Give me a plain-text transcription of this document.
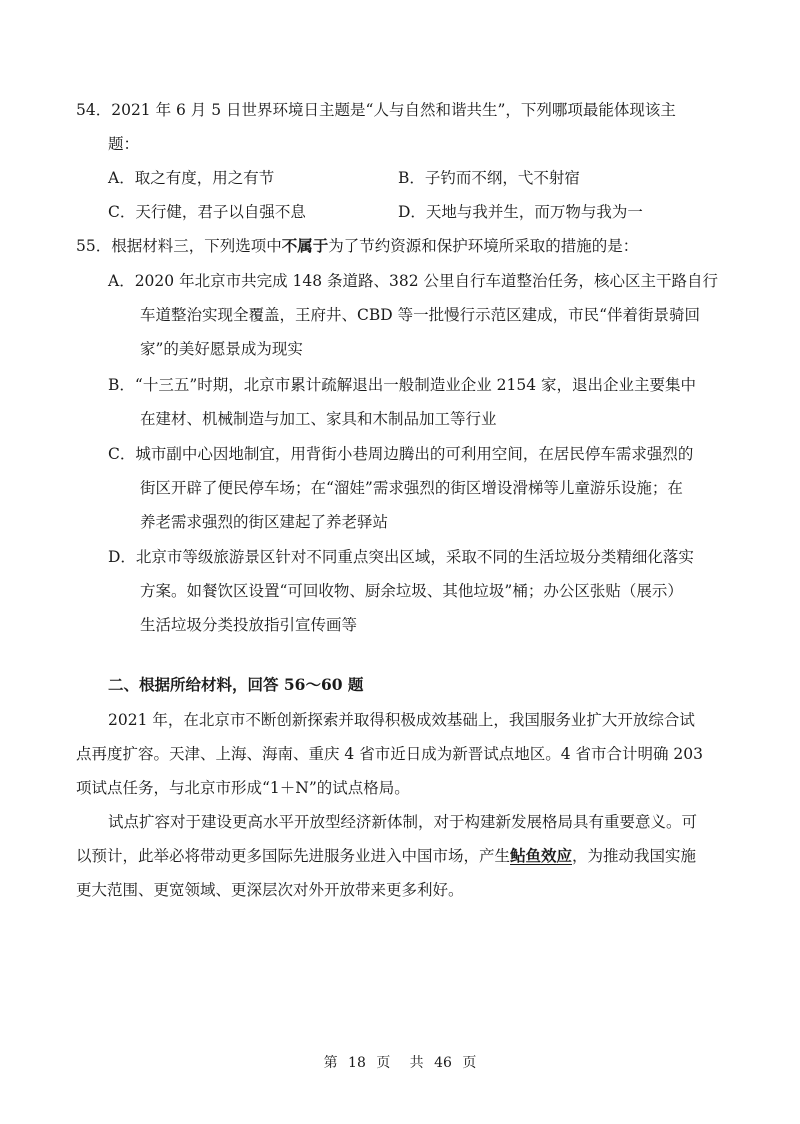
54．2021 年 6 月 5 日世界环境日主题是“人与自然和谐共生”，下列哪项最能体现该主
题：
A．取之有度，用之有节	B．子钓而不纲，弋不射宿
C．天行健，君子以自强不息	D．天地与我并生，而万物与我为一
55．根据材料三，下列选项中不属于为了节约资源和保护环境所采取的措施的是：
A．2020 年北京市共完成 148 条道路、382 公里自行车道整治任务，核心区主干路自行
车道整治实现全覆盖，王府井、CBD 等一批慢行示范区建成，市民“伴着街景骑回
家”的美好愿景成为现实
B．“十三五”时期，北京市累计疏解退出一般制造业企业 2154 家，退出企业主要集中
在建材、机械制造与加工、家具和木制品加工等行业
C．城市副中心因地制宜，用背街小巷周边腾出的可利用空间，在居民停车需求强烈的
街区开辟了便民停车场；在“溜娃”需求强烈的街区增设滑梯等儿童游乐设施；在
养老需求强烈的街区建起了养老驿站
D．北京市等级旅游景区针对不同重点突出区域，采取不同的生活垃圾分类精细化落实
方案。如餐饮区设置“可回收物、厨余垃圾、其他垃圾”桶；办公区张贴（展示）
生活垃圾分类投放指引宣传画等
二、根据所给材料，回答 56～60 题
2021 年，在北京市不断创新探索并取得积极成效基础上，我国服务业扩大开放综合试
点再度扩容。天津、上海、海南、重庆 4 省市近日成为新晋试点地区。4 省市合计明确 203
项试点任务，与北京市形成“1＋N”的试点格局。
试点扩容对于建设更高水平开放型经济新体制，对于构建新发展格局具有重要意义。可
以预计，此举必将带动更多国际先进服务业进入中国市场，产生鲇鱼效应，为推动我国实施
更大范围、更宽领域、更深层次对外开放带来更多利好。
第 18 页 共 46 页
